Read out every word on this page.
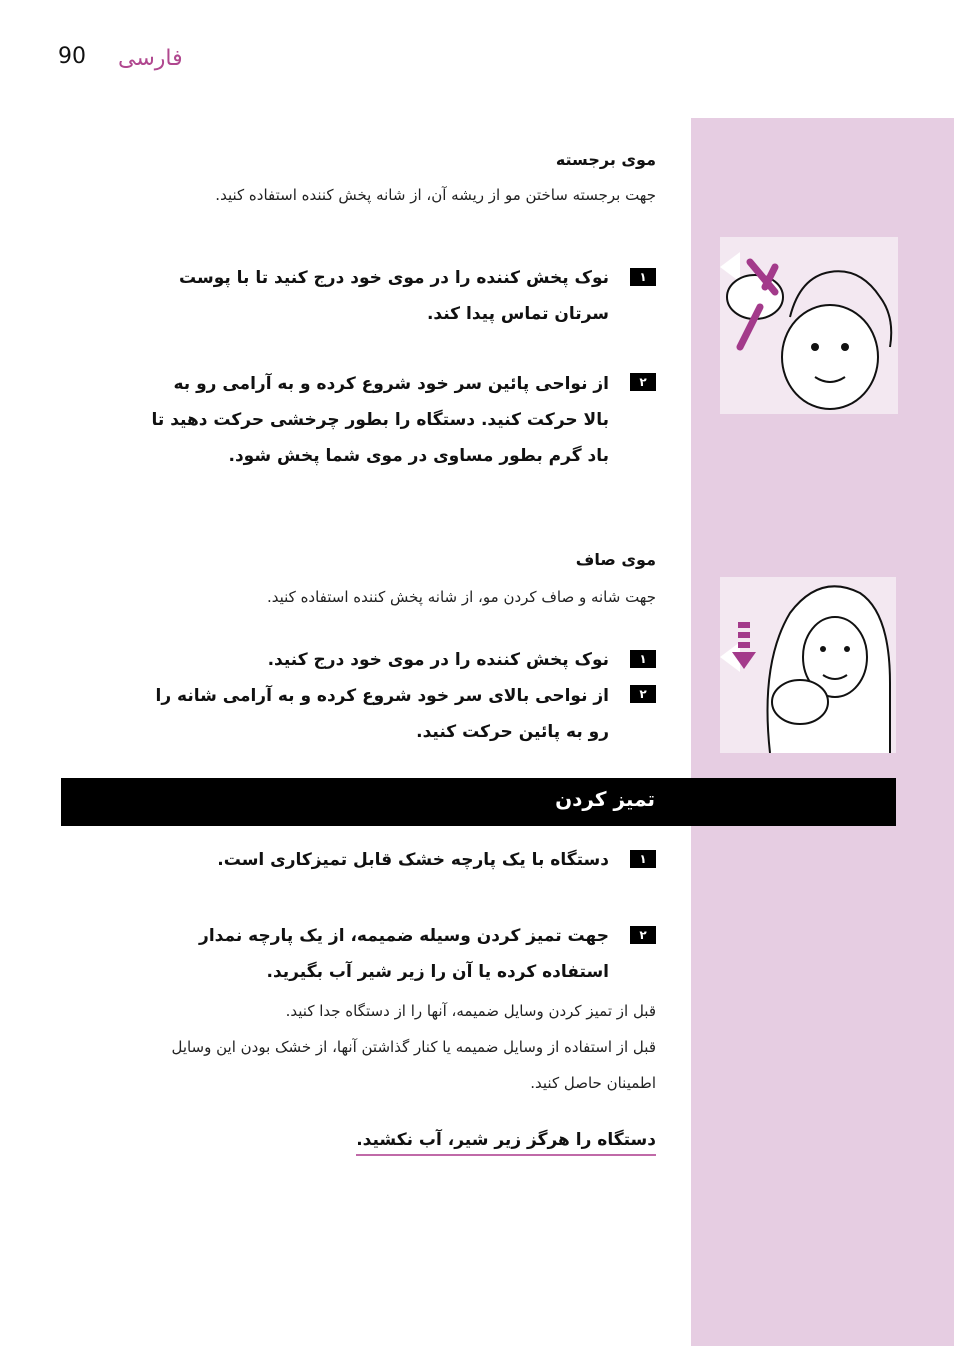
90 فارسی
موی برجسته
جهت برجسته ساختن مو از ریشه آن، از شانه پخش کننده استفاده کنید.
۱
نوک پخش کننده را در موی خود درج کنید تا با پوست سرتان تماس پیدا کند.
۲
از نواحی پائین سر خود شروع کرده و به آرامی رو به بالا حرکت کنید. دستگاه را بطور چرخشی حرکت دهید تا باد گرم بطور مساوی در موی شما پخش شود.
موی صاف
جهت شانه و صاف کردن مو، از شانه پخش کننده استفاده کنید.
۱
نوک پخش کننده را در موی خود درج کنید.
۲
از نواحی بالای سر خود شروع کرده و به آرامی شانه را رو به پائین حرکت کنید.
تمیز کردن
۱
دستگاه با یک پارچه خشک قابل تمیزکاری است.
۲
جهت تمیز کردن وسیله ضمیمه، از یک پارچه نمدار استفاده کرده یا آن را زیر شیر آب بگیرید.
قبل از تمیز کردن وسایل ضمیمه، آنها را از دستگاه جدا کنید.
قبل از استفاده از وسایل ضمیمه یا کنار گذاشتن آنها، از خشک بودن این وسایل اطمینان حاصل کنید.
دستگاه را هرگز زیر شیر، آب نکشید.
